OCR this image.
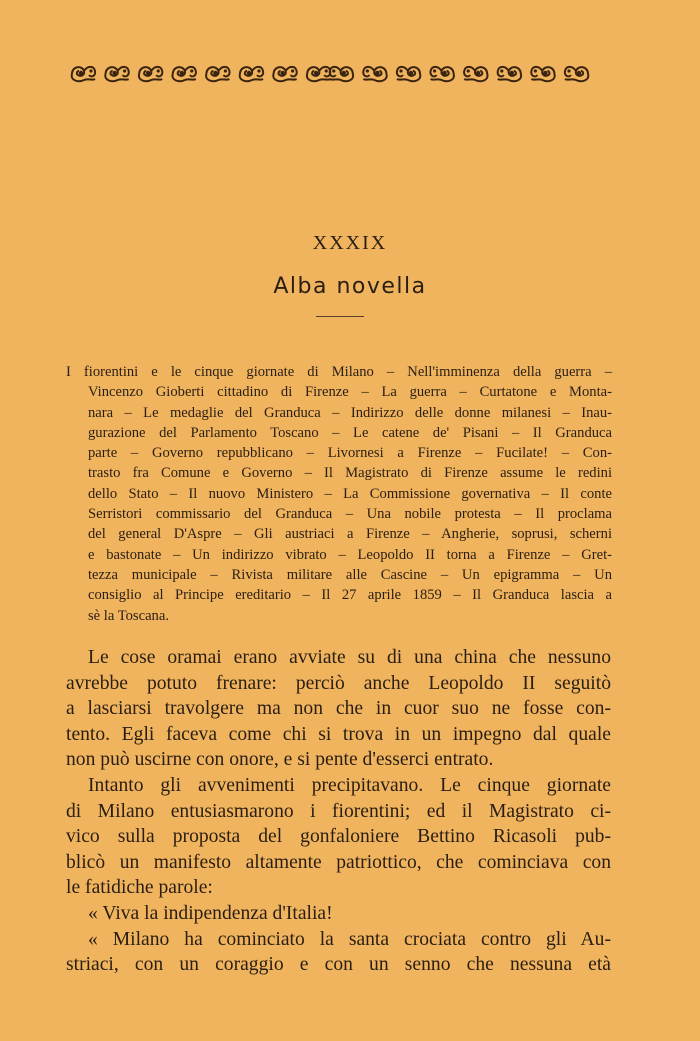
XXXIX
Alba novella
I fiorentini e le cinque giornate di Milano – Nell'imminenza della guerra –
Vincenzo Gioberti cittadino di Firenze – La guerra – Curtatone e Monta-
nara – Le medaglie del Granduca – Indirizzo delle donne milanesi – Inau-
gurazione del Parlamento Toscano – Le catene de' Pisani – Il Granduca
parte – Governo repubblicano – Livornesi a Firenze – Fucilate! – Con-
trasto fra Comune e Governo – Il Magistrato di Firenze assume le redini
dello Stato – Il nuovo Ministero – La Commissione governativa – Il conte
Serristori commissario del Granduca – Una nobile protesta – Il proclama
del general D'Aspre – Gli austriaci a Firenze – Angherie, soprusi, scherni
e bastonate – Un indirizzo vibrato – Leopoldo II torna a Firenze – Gret-
tezza municipale – Rivista militare alle Cascine – Un epigramma – Un
consiglio al Principe ereditario – Il 27 aprile 1859 – Il Granduca lascia a
sè la Toscana.
Le cose oramai erano avviate su di una china che nessuno
avrebbe potuto frenare: perciò anche Leopoldo II seguitò
a lasciarsi travolgere ma non che in cuor suo ne fosse con-
tento. Egli faceva come chi si trova in un impegno dal quale
non può uscirne con onore, e si pente d'esserci entrato.
Intanto gli avvenimenti precipitavano. Le cinque giornate
di Milano entusiasmarono i fiorentini; ed il Magistrato ci-
vico sulla proposta del gonfaloniere Bettino Ricasoli pub-
blicò un manifesto altamente patriottico, che cominciava con
le fatidiche parole:
« Viva la indipendenza d'Italia!
« Milano ha cominciato la santa crociata contro gli Au-
striaci, con un coraggio e con un senno che nessuna età
